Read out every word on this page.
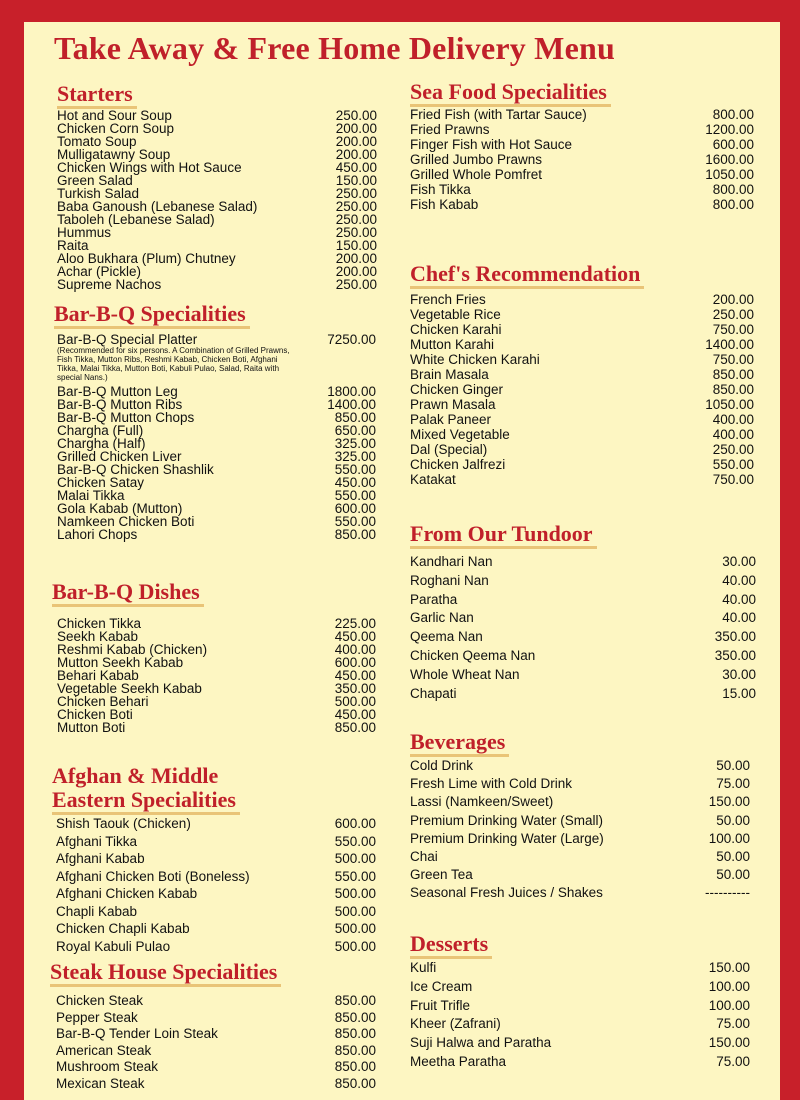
Take Away & Free Home Delivery Menu
Starters
Hot and Sour Soup	250.00
Chicken Corn Soup	200.00
Tomato Soup	200.00
Mulligatawny Soup	200.00
Chicken Wings with Hot Sauce	450.00
Green Salad	150.00
Turkish Salad	250.00
Baba Ganoush (Lebanese Salad)	250.00
Taboleh (Lebanese Salad)	250.00
Hummus	250.00
Raita	150.00
Aloo Bukhara (Plum) Chutney	200.00
Achar (Pickle)	200.00
Supreme Nachos	250.00
Bar-B-Q Specialities
Bar-B-Q Special Platter	7250.00
(Recommended for six persons. A Combination of Grilled Prawns, Fish Tikka, Mutton Ribs, Reshmi Kabab, Chicken Boti, Afghani Tikka, Malai Tikka, Mutton Boti, Kabuli Pulao, Salad, Raita with special Nans.)
Bar-B-Q Mutton Leg	1800.00
Bar-B-Q Mutton Ribs	1400.00
Bar-B-Q Mutton Chops	850.00
Chargha (Full)	650.00
Chargha (Half)	325.00
Grilled Chicken Liver	325.00
Bar-B-Q Chicken Shashlik	550.00
Chicken Satay	450.00
Malai Tikka	550.00
Gola Kabab (Mutton)	600.00
Namkeen Chicken Boti	550.00
Lahori Chops	850.00
Bar-B-Q Dishes
Chicken Tikka	225.00
Seekh Kabab	450.00
Reshmi Kabab (Chicken)	400.00
Mutton Seekh Kabab	600.00
Behari Kabab	450.00
Vegetable Seekh Kabab	350.00
Chicken Behari	500.00
Chicken Boti	450.00
Mutton Boti	850.00
Afghan & Middle
Eastern Specialities
Shish Taouk (Chicken)	600.00
Afghani Tikka	550.00
Afghani Kabab	500.00
Afghani Chicken Boti (Boneless)	550.00
Afghani Chicken Kabab	500.00
Chapli Kabab	500.00
Chicken Chapli Kabab	500.00
Royal Kabuli Pulao	500.00
Steak House Specialities
Chicken Steak	850.00
Pepper Steak	850.00
Bar-B-Q Tender Loin Steak	850.00
American Steak	850.00
Mushroom Steak	850.00
Mexican Steak	850.00
Sea Food Specialities
Fried Fish (with Tartar Sauce)	800.00
Fried Prawns	1200.00
Finger Fish with Hot Sauce	600.00
Grilled Jumbo Prawns	1600.00
Grilled Whole Pomfret	1050.00
Fish Tikka	800.00
Fish Kabab	800.00
Chef's Recommendation
French Fries	200.00
Vegetable Rice	250.00
Chicken Karahi	750.00
Mutton Karahi	1400.00
White Chicken Karahi	750.00
Brain Masala	850.00
Chicken Ginger	850.00
Prawn Masala	1050.00
Palak Paneer	400.00
Mixed Vegetable	400.00
Dal (Special)	250.00
Chicken Jalfrezi	550.00
Katakat	750.00
From Our Tundoor
Kandhari Nan	30.00
Roghani Nan	40.00
Paratha	40.00
Garlic Nan	40.00
Qeema Nan	350.00
Chicken Qeema Nan	350.00
Whole Wheat Nan	30.00
Chapati	15.00
Beverages
Cold Drink	50.00
Fresh Lime with Cold Drink	75.00
Lassi (Namkeen/Sweet)	150.00
Premium Drinking Water (Small)	50.00
Premium Drinking Water (Large)	100.00
Chai	50.00
Green Tea	50.00
Seasonal Fresh Juices / Shakes	----------
Desserts
Kulfi	150.00
Ice Cream	100.00
Fruit Trifle	100.00
Kheer (Zafrani)	75.00
Suji Halwa and Paratha	150.00
Meetha Paratha	75.00
